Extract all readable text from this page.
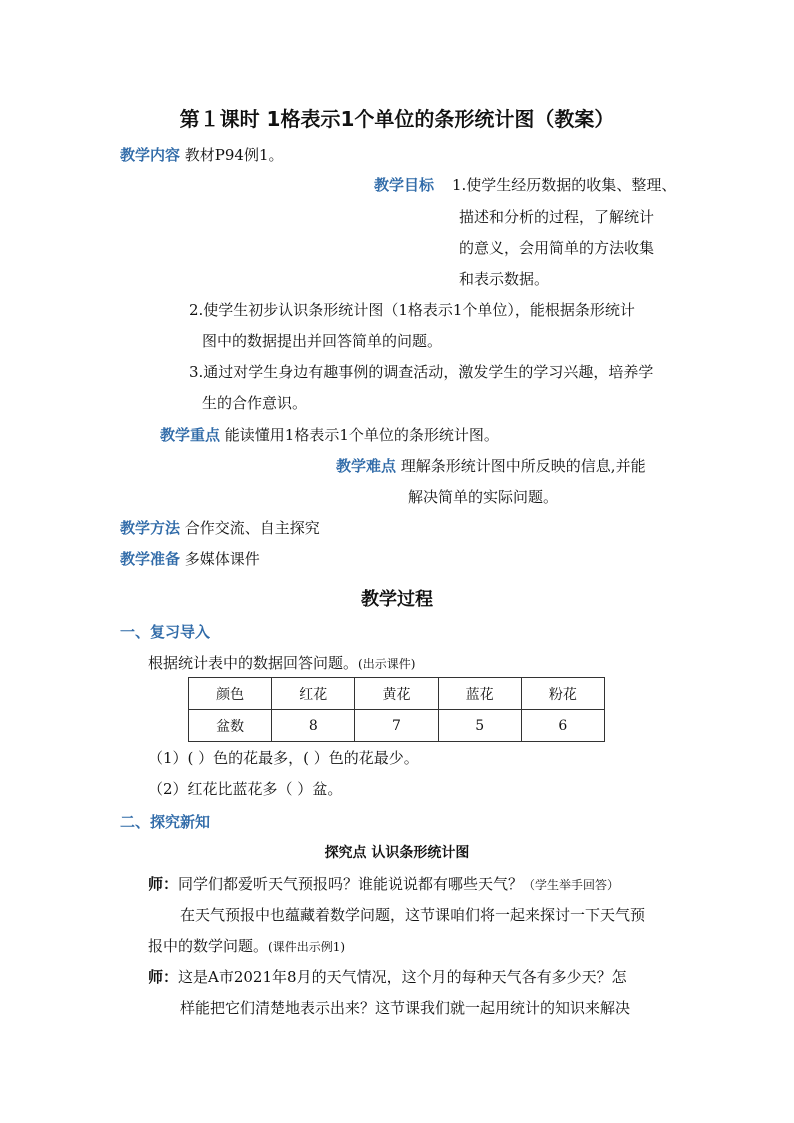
第１课时 1格表示1个单位的条形统计图（教案）
教学内容 教材P94例1。
教学目标 1.使学生经历数据的收集、整理、
描述和分析的过程，了解统计
的意义，会用简单的方法收集
和表示数据。
2.使学生初步认识条形统计图（1格表示1个单位），能根据条形统计
图中的数据提出并回答简单的问题。
3.通过对学生身边有趣事例的调查活动，激发学生的学习兴趣，培养学
生的合作意识。
教学重点 能读懂用1格表示1个单位的条形统计图。
教学难点 理解条形统计图中所反映的信息,并能
解决简单的实际问题。
教学方法 合作交流、自主探究
教学准备 多媒体课件
教学过程
一、复习导入
根据统计表中的数据回答问题。(出示课件)
颜色	红花	黄花	蓝花	粉花
盆数	8	7	5	6
（1）( ）色的花最多，( ）色的花最少。
（2）红花比蓝花多（ ）盆。
二、探究新知
探究点 认识条形统计图
师：同学们都爱听天气预报吗？谁能说说都有哪些天气？（学生举手回答）
在天气预报中也蕴藏着数学问题，这节课咱们将一起来探讨一下天气预
报中的数学问题。(课件出示例1)
师：这是A市2021年8月的天气情况，这个月的每种天气各有多少天？怎
样能把它们清楚地表示出来？这节课我们就一起用统计的知识来解决
